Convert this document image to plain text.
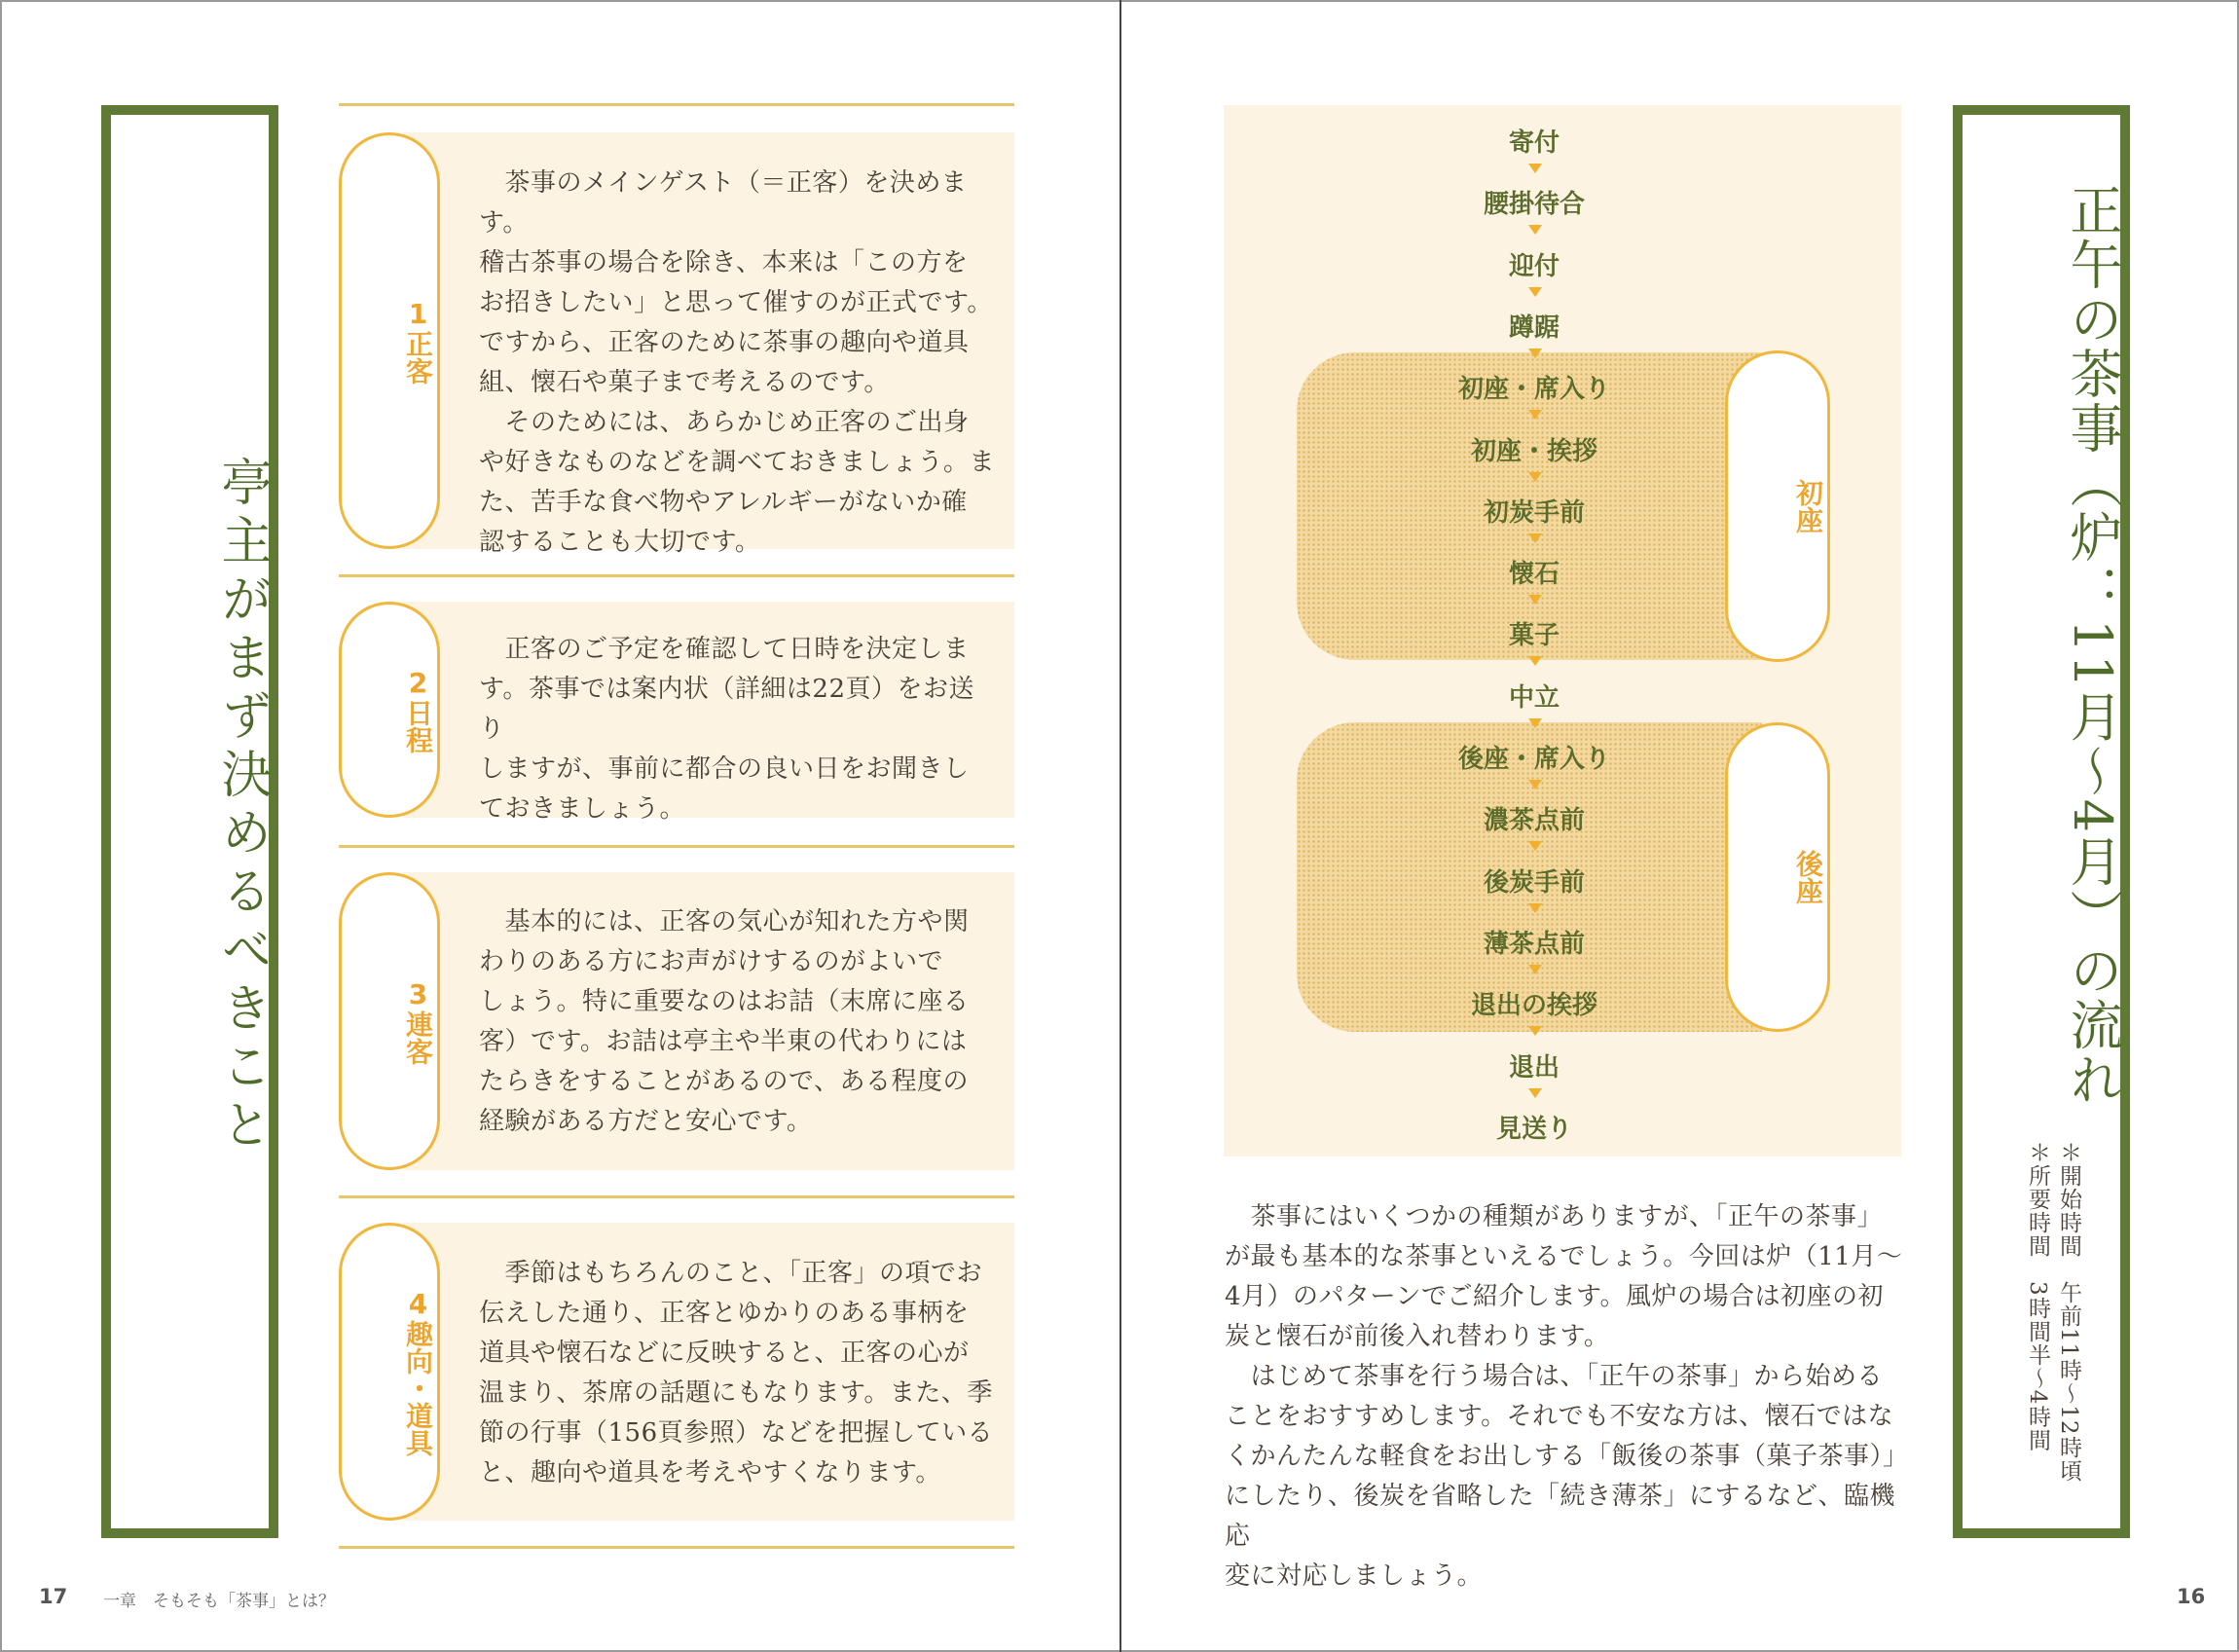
亭主がまず決めるべきこと
1正客
　茶事のメインゲスト（＝正客）を決めます。
稽古茶事の場合を除き、本来は「この方を
お招きしたい」と思って催すのが正式です。
ですから、正客のために茶事の趣向や道具
組、懐石や菓子まで考えるのです。
　そのためには、あらかじめ正客のご出身
や好きなものなどを調べておきましょう。ま
た、苦手な食べ物やアレルギーがないか確
認することも大切です。
2日程
　正客のご予定を確認して日時を決定しま
す。茶事では案内状（詳細は22頁）をお送り
しますが、事前に都合の良い日をお聞きし
ておきましょう。
3連客
　基本的には、正客の気心が知れた方や関
わりのある方にお声がけするのがよいで
しょう。特に重要なのはお詰（末席に座る
客）です。お詰は亭主や半東の代わりには
たらきをすることがあるので、ある程度の
経験がある方だと安心です。
4趣向・道具
　季節はもちろんのこと、「正客」の項でお
伝えした通り、正客とゆかりのある事柄を
道具や懐石などに反映すると、正客の心が
温まり、茶席の話題にもなります。また、季
節の行事（156頁参照）などを把握している
と、趣向や道具を考えやすくなります。
17 一章　そもそも「茶事」とは？
初座
後座
寄付
腰掛待合
迎付
蹲踞
初座・席入り
初座・挨拶
初炭手前
懐石
菓子
中立
後座・席入り
濃茶点前
後炭手前
薄茶点前
退出の挨拶
退出
見送り
　茶事にはいくつかの種類がありますが、「正午の茶事」
が最も基本的な茶事といえるでしょう。今回は炉（11月〜
4月）のパターンでご紹介します。風炉の場合は初座の初
炭と懐石が前後入れ替わります。
　はじめて茶事を行う場合は、「正午の茶事」から始める
ことをおすすめします。それでも不安な方は、懐石ではな
くかんたんな軽食をお出しする「飯後の茶事（菓子茶事）」
にしたり、後炭を省略した「続き薄茶」にするなど、臨機応
変に対応しましょう。
正午の茶事（炉：11月〜4月）の流れ
＊開始時間　午前11時〜12時頃
＊所要時間　3時間半〜4時間
16
